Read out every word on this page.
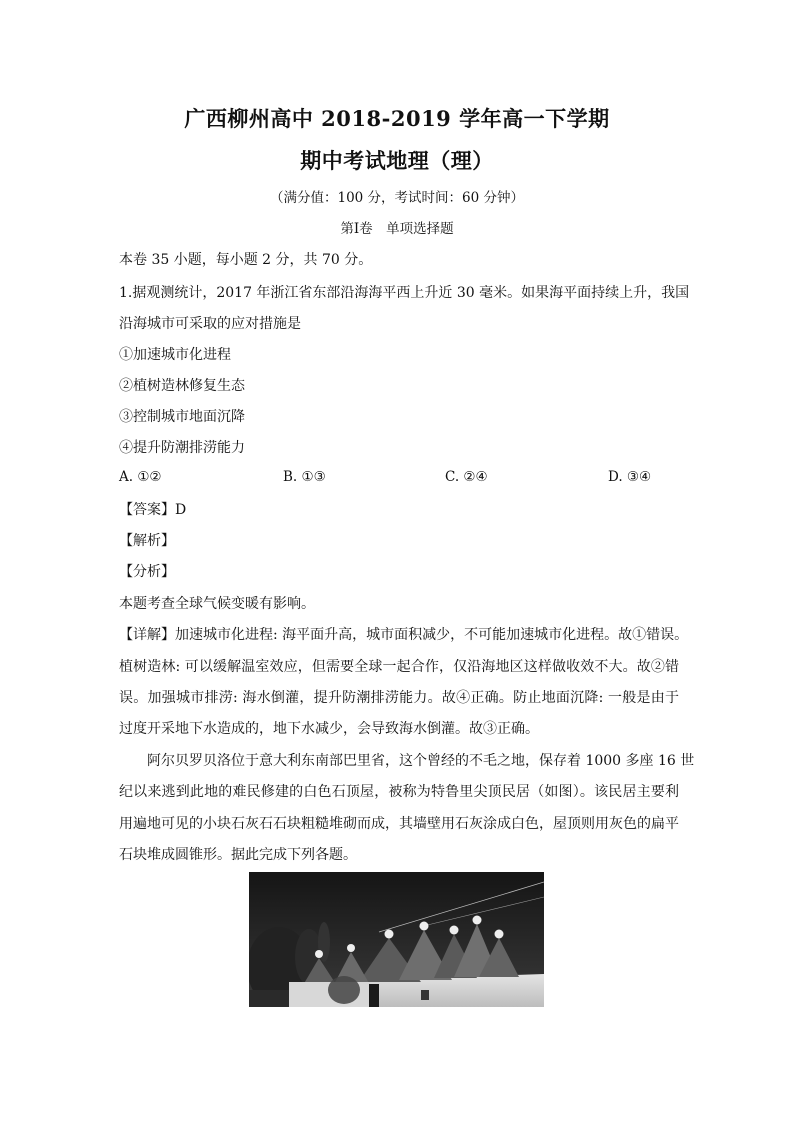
广西柳州高中 2018-2019 学年高一下学期
期中考试地理（理）
（满分值：100 分，考试时间：60 分钟）
第Ⅰ卷　单项选择题
本卷 35 小题，每小题 2 分，共 70 分。
1.据观测统计，2017 年浙江省东部沿海海平西上升近 30 毫米。如果海平面持续上升，我国
沿海城市可采取的应对措施是
①加速城市化进程
②植树造林修复生态
③控制城市地面沉降
④提升防潮排涝能力
A. ①②	B. ①③	C. ②④	D. ③④
【答案】D
【解析】
【分析】
本题考查全球气候变暖有影响。
【详解】加速城市化进程: 海平面升高，城市面积减少，不可能加速城市化进程。故①错误。
植树造林: 可以缓解温室效应，但需要全球一起合作，仅沿海地区这样做收效不大。故②错
误。加强城市排涝: 海水倒灌，提升防潮排涝能力。故④正确。防止地面沉降: 一般是由于
过度开采地下水造成的，地下水减少，会导致海水倒灌。故③正确。
　　阿尔贝罗贝洛位于意大利东南部巴里省，这个曾经的不毛之地，保存着 1000 多座 16 世
纪以来逃到此地的难民修建的白色石顶屋，被称为特鲁里尖顶民居（如图）。该民居主要利
用遍地可见的小块石灰石石块粗糙堆砌而成，其墙壁用石灰涂成白色，屋顶则用灰色的扁平
石块堆成圆锥形。据此完成下列各题。
